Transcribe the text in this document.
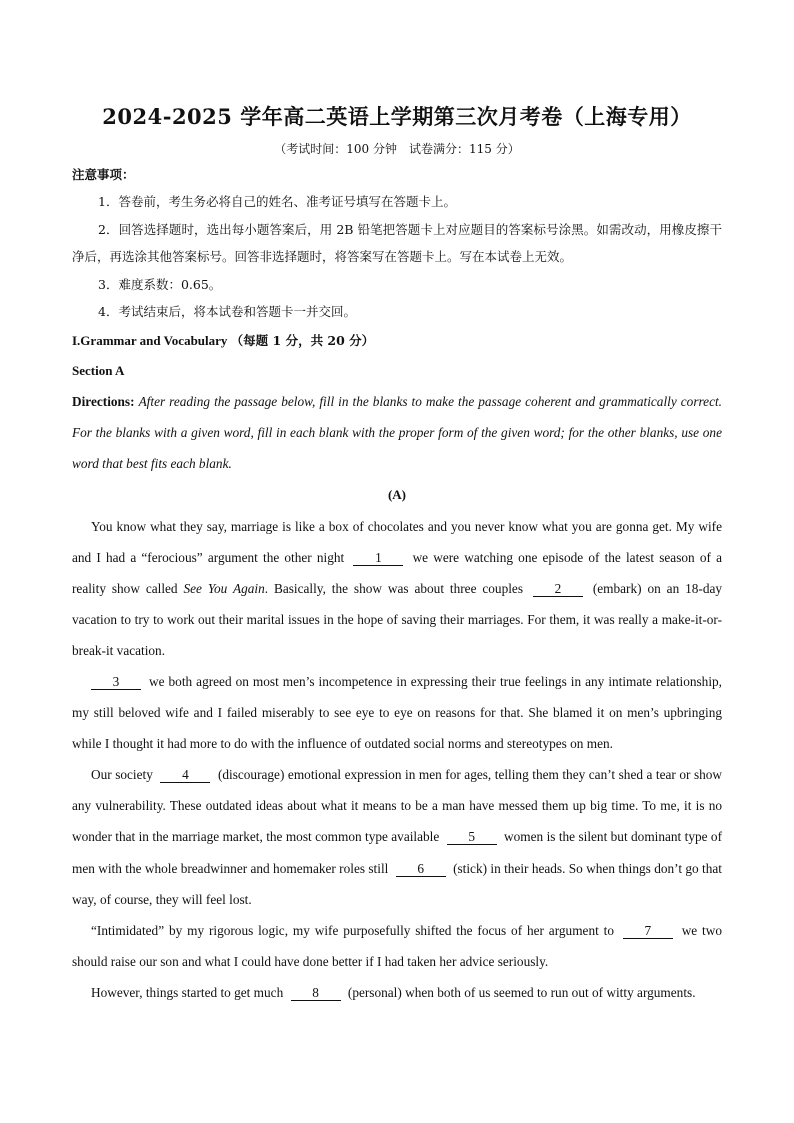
2024-2025 学年高二英语上学期第三次月考卷（上海专用）
（考试时间：100 分钟　试卷满分：115 分）
注意事项：
1．答卷前，考生务必将自己的姓名、准考证号填写在答题卡上。
2．回答选择题时，选出每小题答案后，用 2B 铅笔把答题卡上对应题目的答案标号涂黑。如需改动，用橡皮擦干净后，再选涂其他答案标号。回答非选择题时，将答案写在答题卡上。写在本试卷上无效。
3．难度系数：0.65。
4．考试结束后，将本试卷和答题卡一并交回。
I.Grammar and Vocabulary （每题 1 分，共 20 分）
Section A
Directions: After reading the passage below, fill in the blanks to make the passage coherent and grammatically correct. For the blanks with a given word, fill in each blank with the proper form of the given word; for the other blanks, use one word that best fits each blank.
(A)

You know what they say, marriage is like a box of chocolates and you never know what you are gonna get. My wife and I had a “ferocious” argument the other night 1 we were watching one episode of the latest season of a reality show called See You Again. Basically, the show was about three couples 2 (embark) on an 18-day vacation to try to work out their marital issues in the hope of saving their marriages. For them, it was really a make-it-or-break-it vacation.

3 we both agreed on most men’s incompetence in expressing their true feelings in any intimate relationship, my still beloved wife and I failed miserably to see eye to eye on reasons for that. She blamed it on men’s upbringing while I thought it had more to do with the influence of outdated social norms and stereotypes on men.

Our society 4 (discourage) emotional expression in men for ages, telling them they can’t shed a tear or show any vulnerability. These outdated ideas about what it means to be a man have messed them up big time. To me, it is no wonder that in the marriage market, the most common type available 5 women is the silent but dominant type of men with the whole breadwinner and homemaker roles still 6 (stick) in their heads. So when things don’t go that way, of course, they will feel lost.

“Intimidated” by my rigorous logic, my wife purposefully shifted the focus of her argument to 7 we two should raise our son and what I could have done better if I had taken her advice seriously.

However, things started to get much 8 (personal) when both of us seemed to run out of witty arguments.
